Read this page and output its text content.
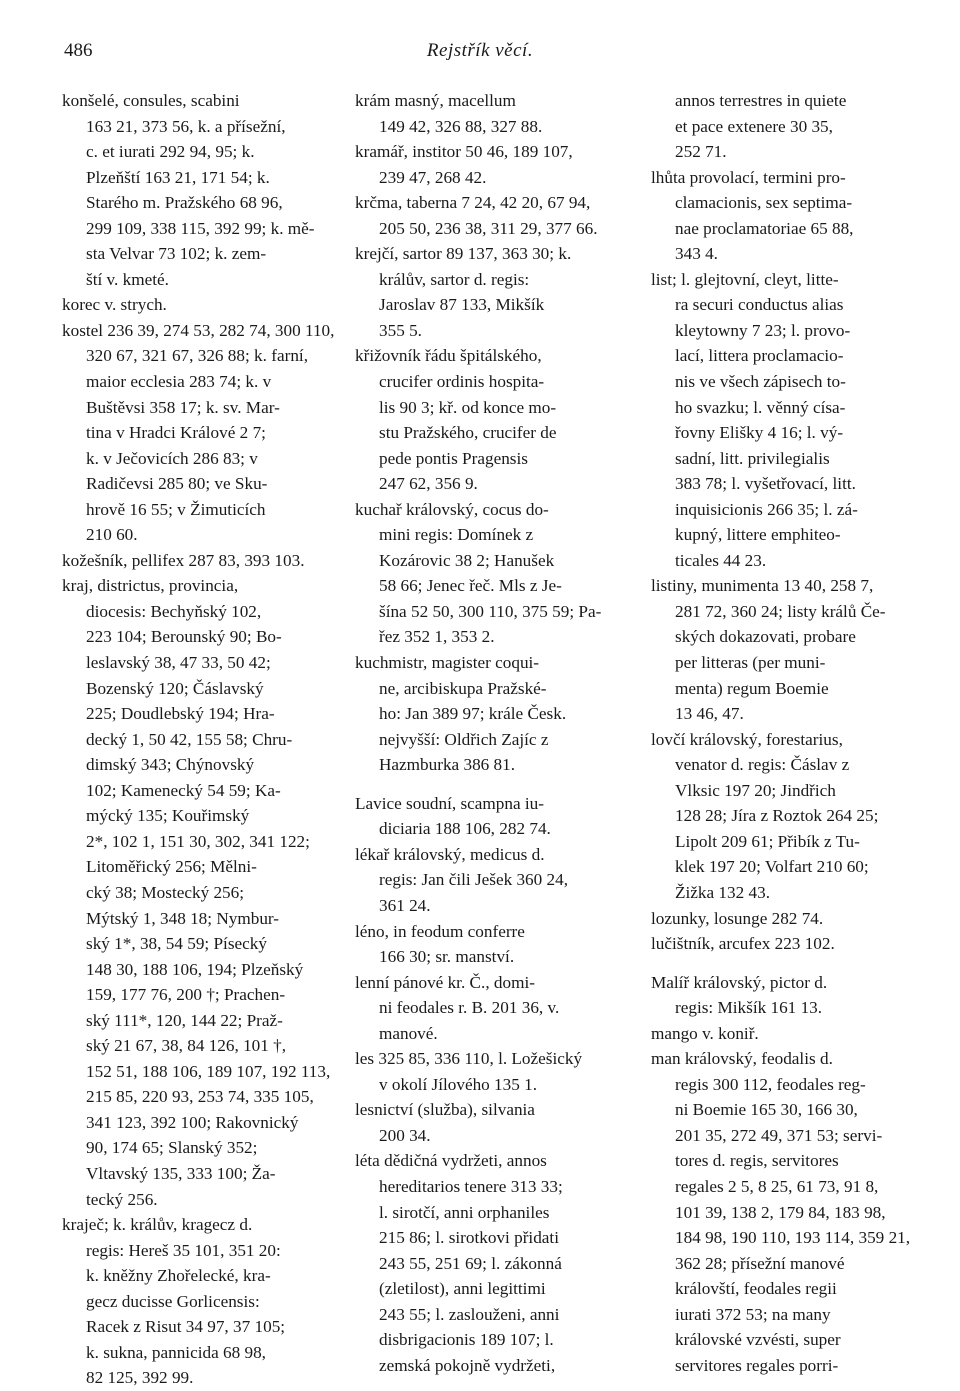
486	Rejstřík věcí.
konšelé, consules, scabini
163 21, 373 56, k. a přísežní,
c. et iurati 292 94, 95; k.
Plzeňští 163 21, 171 54; k.
Starého m. Pražského 68 96,
299 109, 338 115, 392 99; k. mě-
sta Velvar 73 102; k. zem-
ští v. kmeté.
korec v. strych.
kostel 236 39, 274 53, 282 74, 300 110,
320 67, 321 67, 326 88; k. farní,
maior ecclesia 283 74; k. v
Buštěvsi 358 17; k. sv. Mar-
tina v Hradci Králové 2 7;
k. v Ječovicích 286 83; v
Radičevsi 285 80; ve Sku-
hrově 16 55; v Žimuticích
210 60.
kožešník, pellifex 287 83, 393 103.
kraj, districtus, provincia,
diocesis: Bechyňský 102,
223 104; Berounský 90; Bo-
leslavský 38, 47 33, 50 42;
Bozenský 120; Čáslavský
225; Doudlebský 194; Hra-
decký 1, 50 42, 155 58; Chru-
dimský 343; Chýnovský
102; Kamenecký 54 59; Ka-
mýcký 135; Kouřimský
2*, 102 1, 151 30, 302, 341 122;
Litoměřický 256; Mělni-
cký 38; Mostecký 256;
Mýtský 1, 348 18; Nymbur-
ský 1*, 38, 54 59; Písecký
148 30, 188 106, 194; Plzeňský
159, 177 76, 200 †; Prachen-
ský 111*, 120, 144 22; Praž-
ský 21 67, 38, 84 126, 101 †,
152 51, 188 106, 189 107, 192 113,
215 85, 220 93, 253 74, 335 105,
341 123, 392 100; Rakovnický
90, 174 65; Slanský 352;
Vltavský 135, 333 100; Ža-
tecký 256.
kraječ; k. králův, kragecz d.
regis: Hereš 35 101, 351 20:
k. kněžny Zhořelecké, kra-
gecz ducisse Gorlicensis:
Racek z Risut 34 97, 37 105;
k. sukna, pannicida 68 98,
82 125, 392 99.
krám masný, macellum
149 42, 326 88, 327 88.
kramář, institor 50 46, 189 107,
239 47, 268 42.
krčma, taberna 7 24, 42 20, 67 94,
205 50, 236 38, 311 29, 377 66.
krejčí, sartor 89 137, 363 30; k.
králův, sartor d. regis:
Jaroslav 87 133, Mikšík
355 5.
křižovník řádu špitálského,
crucifer ordinis hospita-
lis 90 3; kř. od konce mo-
stu Pražského, crucifer de
pede pontis Pragensis
247 62, 356 9.
kuchař královský, cocus do-
mini regis: Domínek z
Kozárovic 38 2; Hanušek
58 66; Jenec řeč. Mls z Je-
šína 52 50, 300 110, 375 59; Pa-
řez 352 1, 353 2.
kuchmistr, magister coqui-
ne, arcibiskupa Pražské-
ho: Jan 389 97; krále Česk.
nejvyšší: Oldřich Zajíc z
Hazmburka 386 81.
Lavice soudní, scampna iu-
diciaria 188 106, 282 74.
lékař královský, medicus d.
regis: Jan čili Ješek 360 24,
361 24.
léno, in feodum conferre
166 30; sr. manství.
lenní pánové kr. Č., domi-
ni feodales r. B. 201 36, v.
manové.
les 325 85, 336 110, l. Ložešický
v okolí Jílového 135 1.
lesnictví (služba), silvania
200 34.
léta dědičná vydržeti, annos
hereditarios tenere 313 33;
l. sirotčí, anni orphaniles
215 86; l. sirotkovi přidati
243 55, 251 69; l. zákonná
(zletilost), anni legittimi
243 55; l. zaslouženi, anni
disbrigacionis 189 107; l.
zemská pokojně vydržeti,
annos terrestres in quiete
et pace extenere 30 35,
252 71.
lhůta provolací, termini pro-
clamacionis, sex septima-
nae proclamatoriae 65 88,
343 4.
list; l. glejtovní, cleyt, litte-
ra securi conductus alias
kleytowny 7 23; l. provo-
lací, littera proclamacio-
nis ve všech zápisech to-
ho svazku; l. věnný císa-
řovny Elišky 4 16; l. vý-
sadní, litt. privilegialis
383 78; l. vyšetřovací, litt.
inquisicionis 266 35; l. zá-
kupný, littere emphiteo-
ticales 44 23.
listiny, munimenta 13 40, 258 7,
281 72, 360 24; listy králů Če-
ských dokazovati, probare
per litteras (per muni-
menta) regum Boemie
13 46, 47.
lovčí královský, forestarius,
venator d. regis: Čáslav z
Vlksic 197 20; Jindřich
128 28; Jíra z Roztok 264 25;
Lipolt 209 61; Přibík z Tu-
klek 197 20; Volfart 210 60;
Žižka 132 43.
lozunky, losunge 282 74.
lučištník, arcufex 223 102.
Malíř královský, pictor d.
regis: Mikšík 161 13.
mango v. koniř.
man královský, feodalis d.
regis 300 112, feodales reg-
ni Boemie 165 30, 166 30,
201 35, 272 49, 371 53; servi-
tores d. regis, servitores
regales 2 5, 8 25, 61 73, 91 8,
101 39, 138 2, 179 84, 183 98,
184 98, 190 110, 193 114, 359 21,
362 28; přísežní manové
královští, feodales regii
iurati 372 53; na many
královské vzvésti, super
servitores regales porri-
